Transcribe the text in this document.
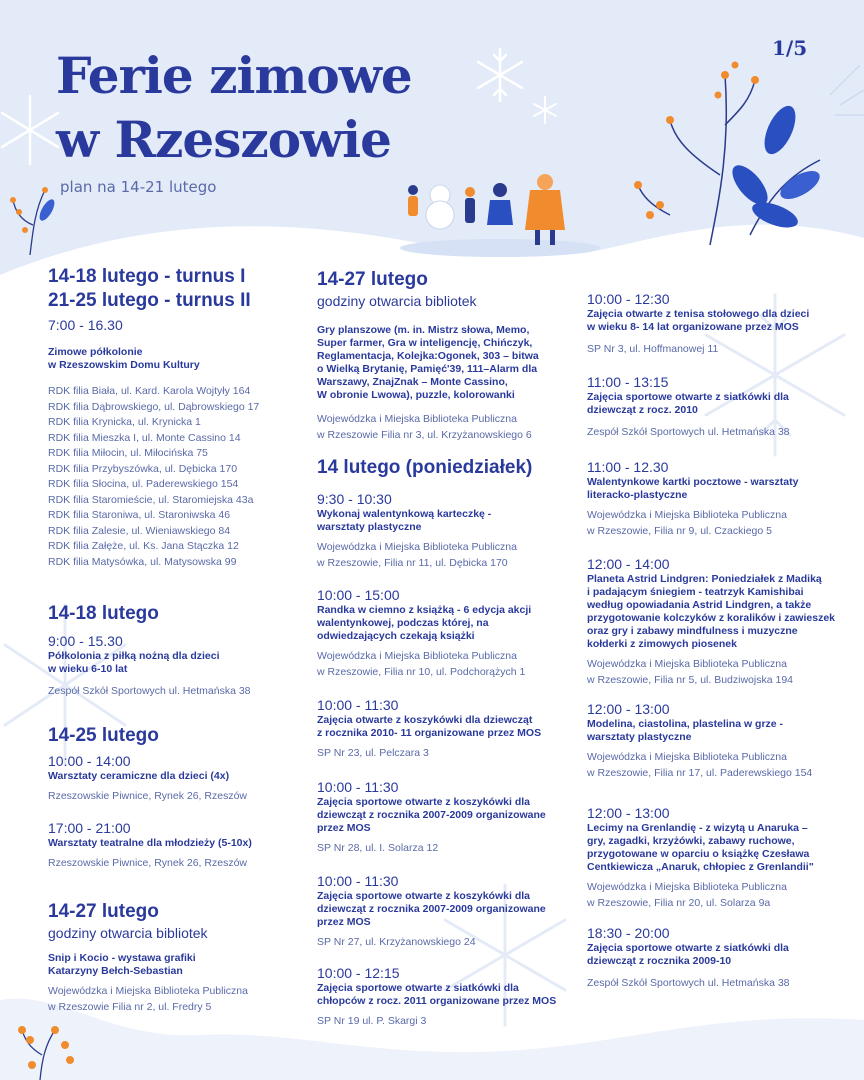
Ferie zimowe
w Rzeszowie
plan na 14-21 lutego
1/5
14-18 lutego - turnus I
21-25 lutego - turnus II
7:00 - 16.30
Zimowe półkolonie
w Rzeszowskim Domu Kultury
RDK filia Biała, ul. Kard. Karola Wojtyły 164
RDK filia Dąbrowskiego, ul. Dąbrowskiego 17
RDK filia Krynicka, ul. Krynicka 1
RDK filia Mieszka I, ul. Monte Cassino 14
RDK filia Miłocin, ul. Miłocińska 75
RDK filia Przybyszówka, ul. Dębicka 170
RDK filia Słocina, ul. Paderewskiego 154
RDK filia Staromieście, ul. Staromiejska 43a
RDK filia Staroniwa, ul. Staroniwska 46
RDK filia Zalesie, ul. Wieniawskiego 84
RDK filia Załęże, ul. Ks. Jana Stączka 12
RDK filia Matysówka, ul. Matysowska 99
14-18 lutego
9:00 - 15.30
Półkolonia z piłką nożną dla dzieci
w wieku 6-10 lat
Zespół Szkół Sportowych ul. Hetmańska 38
14-25 lutego
10:00 - 14:00
Warsztaty ceramiczne dla dzieci (4x)
Rzeszowskie Piwnice, Rynek 26, Rzeszów
17:00 - 21:00
Warsztaty teatralne dla młodzieży (5-10x)
Rzeszowskie Piwnice, Rynek 26, Rzeszów
14-27 lutego
godziny otwarcia bibliotek
Snip i Kocio - wystawa grafiki
Katarzyny Bełch-Sebastian
Wojewódzka i Miejska Biblioteka Publiczna
w Rzeszowie Filia nr 2, ul. Fredry 5
14-27 lutego
godziny otwarcia bibliotek
Gry planszowe (m. in. Mistrz słowa, Memo,
Super farmer, Gra w inteligencję, Chińczyk,
Reglamentacja, Kolejka:Ogonek, 303 – bitwa
o Wielką Brytanię, Pamięć'39, 111–Alarm dla
Warszawy, ZnajZnak – Monte Cassino,
W obronie Lwowa), puzzle, kolorowanki
Wojewódzka i Miejska Biblioteka Publiczna
w Rzeszowie Filia nr 3, ul. Krzyżanowskiego 6
14 lutego (poniedziałek)
9:30 - 10:30
Wykonaj walentynkową karteczkę -
warsztaty plastyczne
Wojewódzka i Miejska Biblioteka Publiczna
w Rzeszowie, Filia nr 11, ul. Dębicka 170
10:00 - 15:00
Randka w ciemno z książką - 6 edycja akcji
walentynkowej, podczas której, na
odwiedzających czekają książki
Wojewódzka i Miejska Biblioteka Publiczna
w Rzeszowie, Filia nr 10, ul. Podchorążych 1
10:00 - 11:30
Zajęcia otwarte z koszykówki dla dziewcząt
z rocznika 2010- 11 organizowane przez MOS
SP Nr 23, ul. Pelczara 3
10:00 - 11:30
Zajęcia sportowe otwarte z koszykówki dla
dziewcząt z rocznika 2007-2009 organizowane
przez MOS
SP Nr 28, ul. I. Solarza 12
10:00 - 11:30
Zajęcia sportowe otwarte z koszykówki dla
dziewcząt z rocznika 2007-2009 organizowane
przez MOS
SP Nr 27, ul. Krzyżanowskiego 24
10:00 - 12:15
Zajęcia sportowe otwarte z siatkówki dla
chłopców z rocz. 2011 organizowane przez MOS
SP Nr 19 ul. P. Skargi 3
10:00 - 12:30
Zajęcia otwarte z tenisa stołowego dla dzieci
w wieku 8- 14 lat organizowane przez MOS
SP Nr 3, ul. Hoffmanowej 11
11:00 - 13:15
Zajęcia sportowe otwarte z siatkówki dla
dziewcząt z rocz. 2010
Zespół Szkół Sportowych ul. Hetmańska 38
11:00 - 12.30
Walentynkowe kartki pocztowe - warsztaty
literacko-plastyczne
Wojewódzka i Miejska Biblioteka Publiczna
w Rzeszowie, Filia nr 9, ul. Czackiego 5
12:00 - 14:00
Planeta Astrid Lindgren: Poniedziałek z Madiką
i padającym śniegiem - teatrzyk Kamishibai
według opowiadania Astrid Lindgren, a także
przygotowanie kolczyków z koralików i zawieszek
oraz gry i zabawy mindfulness i muzyczne
kołderki z zimowych piosenek
Wojewódzka i Miejska Biblioteka Publiczna
w Rzeszowie, Filia nr 5, ul. Budziwojska 194
12:00 - 13:00
Modelina, ciastolina, plastelina w grze -
warsztaty plastyczne
Wojewódzka i Miejska Biblioteka Publiczna
w Rzeszowie, Filia nr 17, ul. Paderewskiego 154
12:00 - 13:00
Lecimy na Grenlandię - z wizytą u Anaruka –
gry, zagadki, krzyżówki, zabawy ruchowe,
przygotowane w oparciu o książkę Czesława
Centkiewicza „Anaruk, chłopiec z Grenlandii"
Wojewódzka i Miejska Biblioteka Publiczna
w Rzeszowie, Filia nr 20, ul. Solarza 9a
18:30 - 20:00
Zajęcia sportowe otwarte z siatkówki dla
dziewcząt z rocznika 2009-10
Zespół Szkół Sportowych ul. Hetmańska 38
